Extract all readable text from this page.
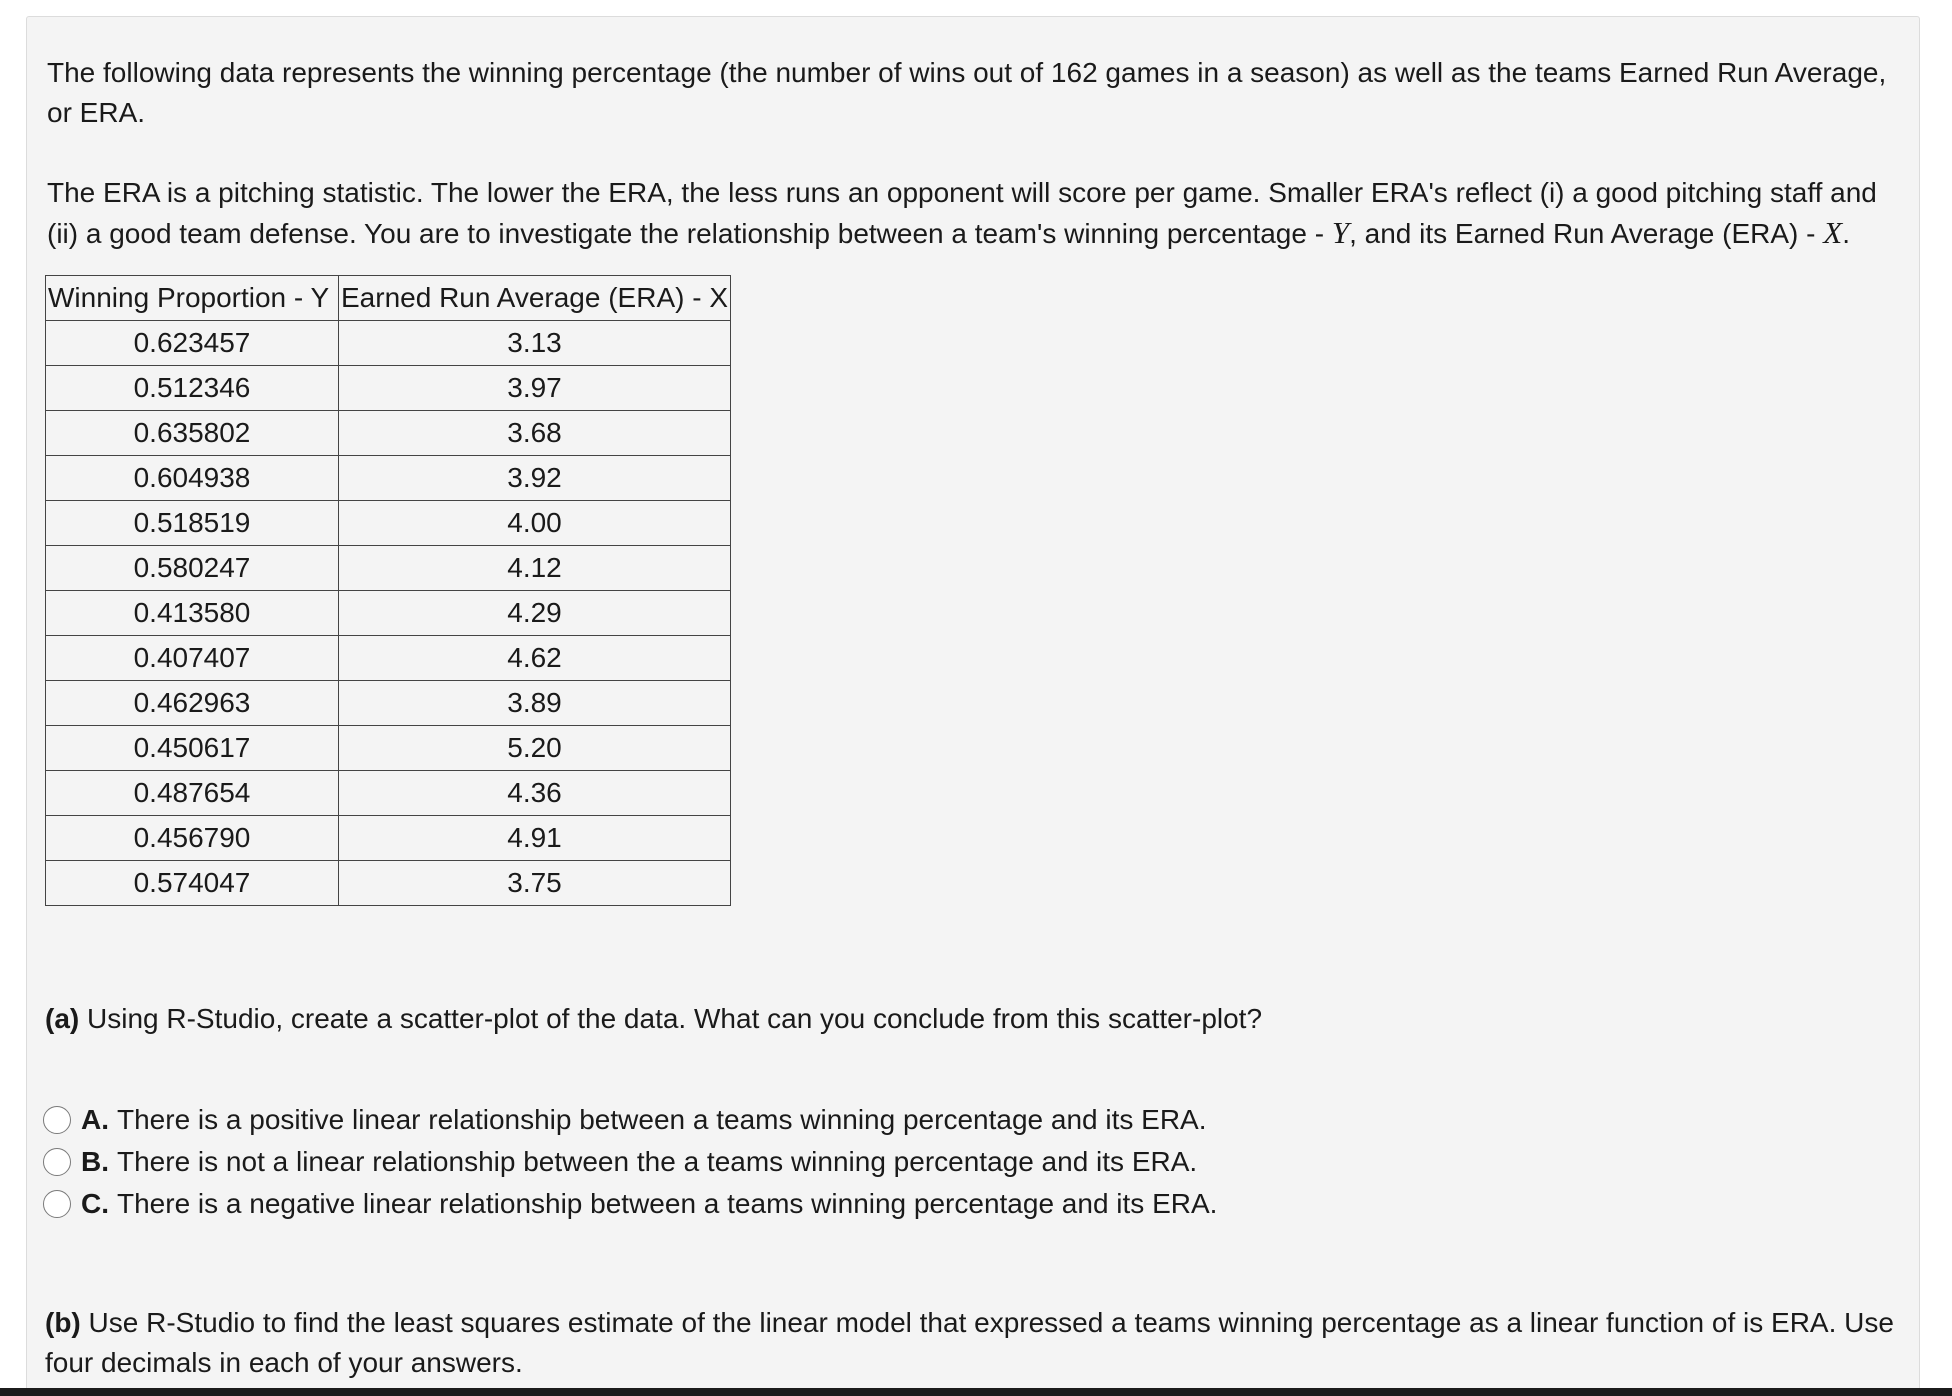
The following data represents the winning percentage (the number of wins out of 162 games in a season) as well as the teams Earned Run Average, or ERA.

The ERA is a pitching statistic. The lower the ERA, the less runs an opponent will score per game. Smaller ERA's reflect (i) a good pitching staff and (ii) a good team defense. You are to investigate the relationship between a team's winning percentage - Y, and its Earned Run Average (ERA) - X.

Winning Proportion - Y	Earned Run Average (ERA) - X
0.623457	3.13
0.512346	3.97
0.635802	3.68
0.604938	3.92
0.518519	4.00
0.580247	4.12
0.413580	4.29
0.407407	4.62
0.462963	3.89
0.450617	5.20
0.487654	4.36
0.456790	4.91
0.574047	3.75

(a) Using R-Studio, create a scatter-plot of the data. What can you conclude from this scatter-plot?

A. There is a positive linear relationship between a teams winning percentage and its ERA.
B. There is not a linear relationship between the a teams winning percentage and its ERA.
C. There is a negative linear relationship between a teams winning percentage and its ERA.

(b) Use R-Studio to find the least squares estimate of the linear model that expressed a teams winning percentage as a linear function of is ERA. Use four decimals in each of your answers.
